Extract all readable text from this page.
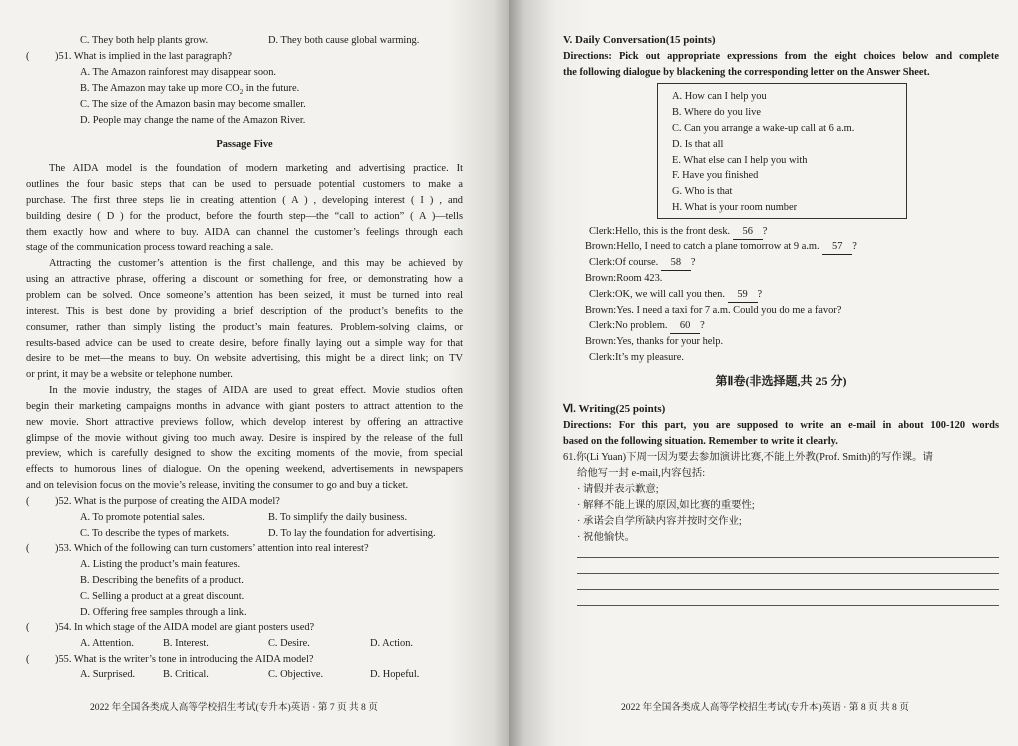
C. They both help plants grow.	D. They both cause global warming.
( )51. What is implied in the last paragraph?
A. The Amazon rainforest may disappear soon.
B. The Amazon may take up more $CO_2$ in the future.
C. The size of the Amazon basin may become smaller.
D. People may change the name of the Amazon River.
Passage Five
The AIDA model is the foundation of modern marketing and advertising practice. It
outlines the four basic steps that can be used to persuade potential customers to make a
purchase. The first three steps lie in creating attention ( A ) , developing interest ( I ) , and
building desire ( D ) for the product, before the fourth step—the “call to action” ( A )—tells
them exactly how and where to buy. AIDA can channel the customer’s feelings through each
stage of the communication process toward reaching a sale.
Attracting the customer’s attention is the first challenge, and this may be achieved by
using an attractive phrase, offering a discount or something for free, or demonstrating how a
problem can be solved. Once someone’s attention has been seized, it must be turned into real
interest. This is best done by providing a brief description of the product’s benefits to the
consumer, rather than simply listing the product’s main features. Problem-solving claims, or
results-based advice can be used to create desire, before finally laying out a simple way for that
desire to be met—the means to buy. On website advertising, this might be a direct link; on TV
or print, it may be a website or telephone number.
In the movie industry, the stages of AIDA are used to great effect. Movie studios often
begin their marketing campaigns months in advance with giant posters to attract attention to the
new movie. Short attractive previews follow, which develop interest by offering an attractive
glimpse of the movie without giving too much away. Desire is inspired by the release of the full
preview, which is carefully designed to show the exciting moments of the movie, from special
effects to humorous lines of dialogue. On the opening weekend, advertisements in newspapers
and on television focus on the movie’s release, inviting the consumer to go and buy a ticket.
( )52. What is the purpose of creating the AIDA model?
A. To promote potential sales.	B. To simplify the daily business.
C. To describe the types of markets.	D. To lay the foundation for advertising.
( )53. Which of the following can turn customers’ attention into real interest?
A. Listing the product’s main features.
B. Describing the benefits of a product.
C. Selling a product at a great discount.
D. Offering free samples through a link.
( )54. In which stage of the AIDA model are giant posters used?
A. Attention.	B. Interest.	C. Desire.	D. Action.
( )55. What is the writer’s tone in introducing the AIDA model?
A. Surprised.	B. Critical.	C. Objective.	D. Hopeful.
2022 年全国各类成人高等学校招生考试(专升本)英语 · 第 7 页 共 8 页
V. Daily Conversation(15 points)
Directions: Pick out appropriate expressions from the eight choices below and complete
the following dialogue by blackening the corresponding letter on the Answer Sheet.
A. How can I help you
B. Where do you live
C. Can you arrange a wake-up call at 6 a.m.
D. Is that all
E. What else can I help you with
F. Have you finished
G. Who is that
H. What is your room number
Clerk:Hello, this is the front desk. 56 ?
Brown:Hello, I need to catch a plane tomorrow at 9 a.m. 57 ?
Clerk:Of course. 58 ?
Brown:Room 423.
Clerk:OK, we will call you then. 59 ?
Brown:Yes. I need a taxi for 7 a.m. Could you do me a favor?
Clerk:No problem. 60 ?
Brown:Yes, thanks for your help.
Clerk:It’s my pleasure.
第Ⅱ卷(非选择题,共 25 分)
Ⅵ. Writing(25 points)
Directions: For this part, you are supposed to write an e-mail in about 100-120 words
based on the following situation. Remember to write it clearly.
61.你(Li Yuan)下周一因为要去参加演讲比赛,不能上外教(Prof. Smith)的写作课。请
给他写一封 e-mail,内容包括:
· 请假并表示歉意;
· 解释不能上课的原因,如比赛的重要性;
· 承诺会自学所缺内容并按时交作业;
· 祝他愉快。
2022 年全国各类成人高等学校招生考试(专升本)英语 · 第 8 页 共 8 页
